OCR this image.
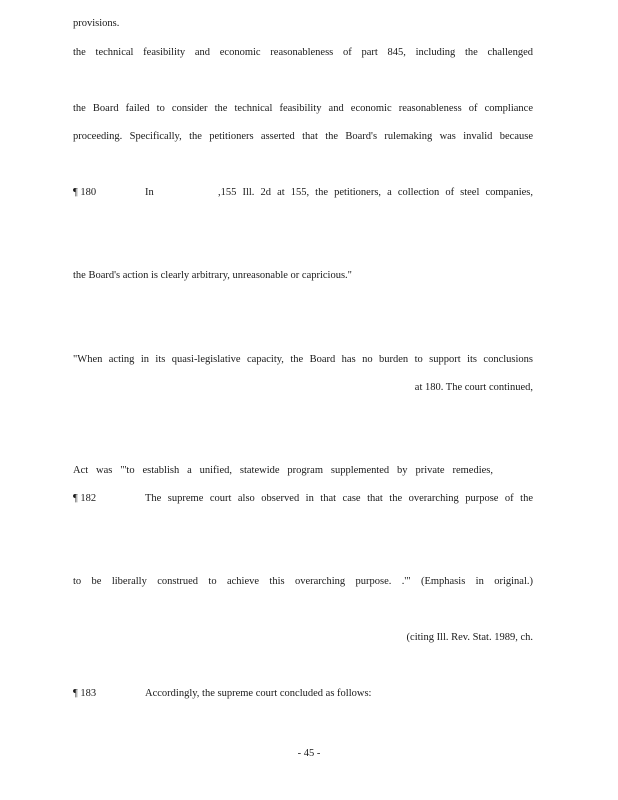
provisions.
the technical feasibility and economic reasonableness of part 845, including the challenged
the Board failed to consider the technical feasibility and economic reasonableness of compliance
proceeding. Specifically, the petitioners asserted that the Board's rulemaking was invalid because
¶ 180	In	,155 Ill. 2d at 155, the petitioners, a collection of steel companies,
the Board's action is clearly arbitrary, unreasonable or capricious."
"When acting in its quasi-legislative capacity, the Board has no burden to support its conclusions
at 180. The court continued,
Act was "'to establish a unified, statewide program supplemented by private remedies,
¶ 182	The supreme court also observed in that case that the overarching purpose of the
to be liberally construed to achieve this overarching purpose. .'" (Emphasis in original.)
(citing Ill. Rev. Stat. 1989, ch.
¶ 183	Accordingly, the supreme court concluded as follows:
- 45 -
